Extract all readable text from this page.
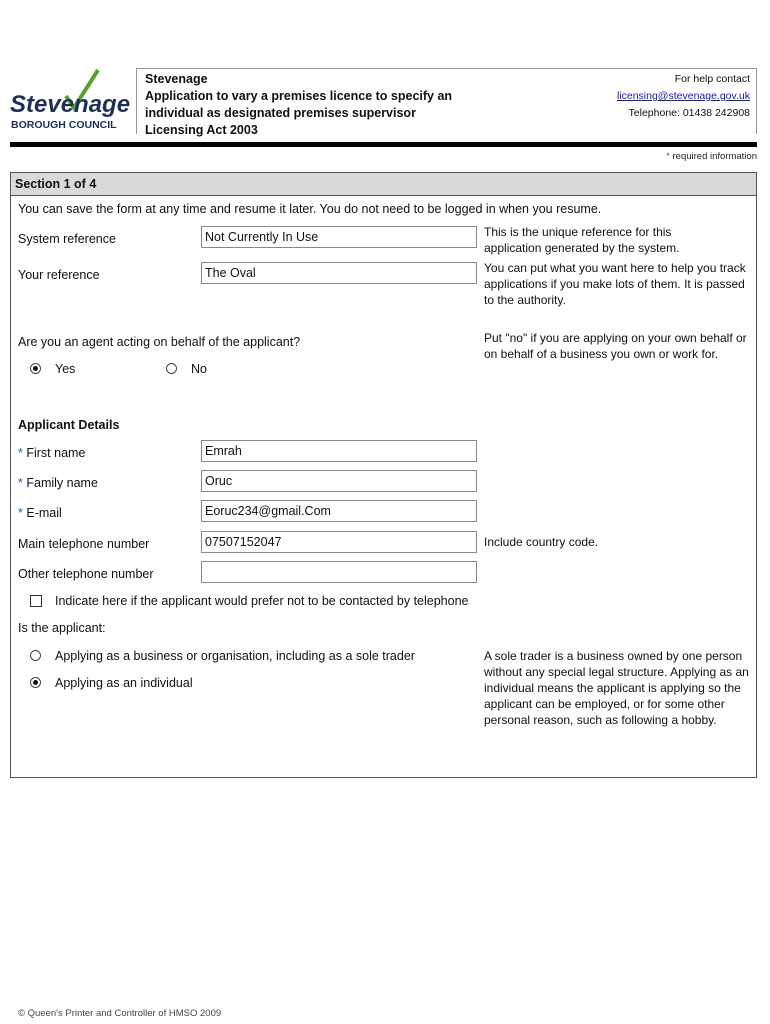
Stevenage
BOROUGH COUNCIL
Stevenage
Application to vary a premises licence to specify an
individual as designated premises supervisor
Licensing Act 2003
For help contact
licensing@stevenage.gov.uk
Telephone: 01438 242908
* required information
Section 1 of 4
You can save the form at any time and resume it later. You do not need to be logged in when you resume.
System reference	Not Currently In Use	This is the unique reference for this application generated by the system.
Your reference	The Oval	You can put what you want here to help you track applications if you make lots of them. It is passed to the authority.
Are you an agent acting on behalf of the applicant?	Put "no" if you are applying on your own behalf or on behalf of a business you own or work for.
Yes	No
Applicant Details
* First name	Emrah
* Family name	Oruc
* E-mail	Eoruc234@gmail.Com
Main telephone number	07507152047	Include country code.
Other telephone number
Indicate here if the applicant would prefer not to be contacted by telephone
Is the applicant:
Applying as a business or organisation, including as a sole trader
Applying as an individual
A sole trader is a business owned by one person without any special legal structure. Applying as an individual means the applicant is applying so the applicant can be employed, or for some other personal reason, such as following a hobby.
© Queen's Printer and Controller of HMSO 2009
